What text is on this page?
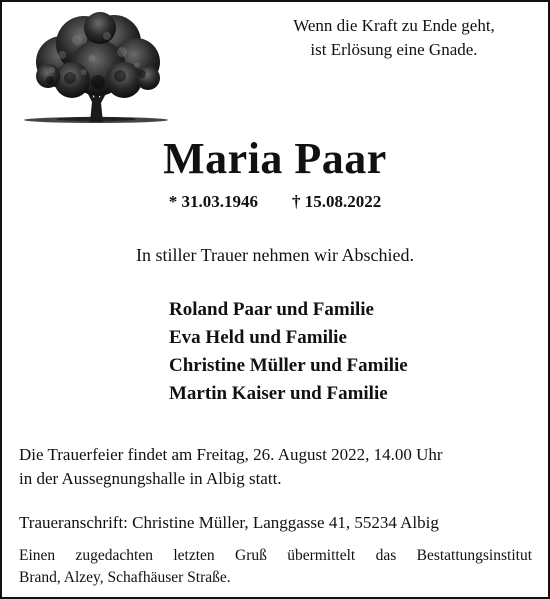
Wenn die Kraft zu Ende geht,
ist Erlösung eine Gnade.
Maria Paar
* 31.03.1946 † 15.08.2022
In stiller Trauer nehmen wir Abschied.
Roland Paar und Familie
Eva Held und Familie
Christine Müller und Familie
Martin Kaiser und Familie
Die Trauerfeier findet am Freitag, 26. August 2022, 14.00 Uhr
in der Aussegnungshalle in Albig statt.
Traueranschrift: Christine Müller, Langgasse 41, 55234 Albig
Einen zugedachten letzten Gruß übermittelt das Bestattungsinstitut
Brand, Alzey, Schafhäuser Straße.
